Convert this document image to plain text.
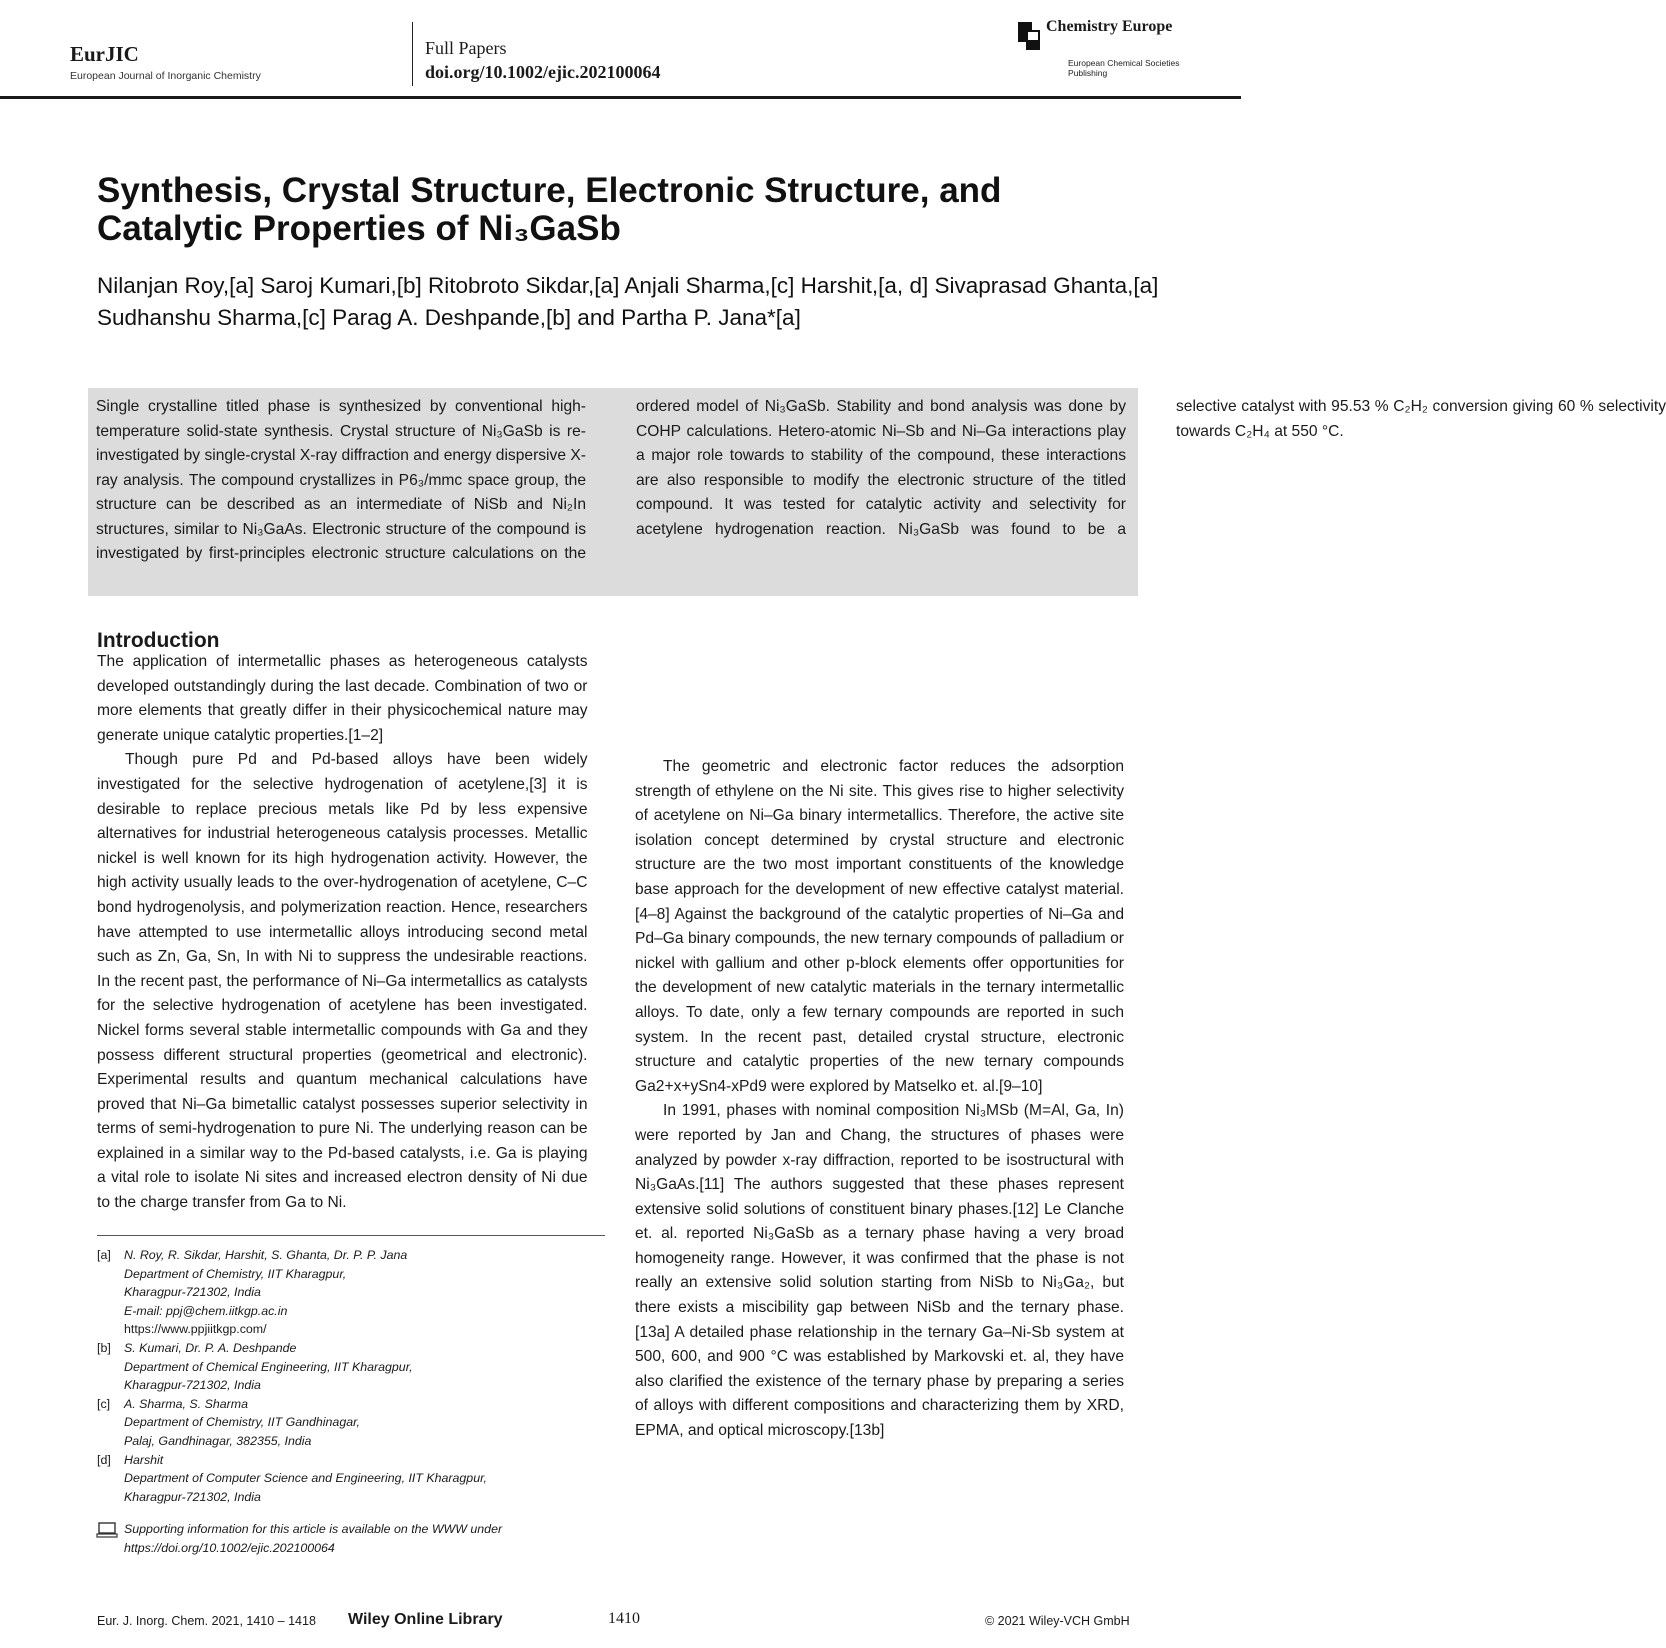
EurJIC
European Journal of Inorganic Chemistry
Full Papers
doi.org/10.1002/ejic.202100064
Chemistry Europe
European Chemical Societies Publishing
Synthesis, Crystal Structure, Electronic Structure, and Catalytic Properties of Ni₃GaSb
Nilanjan Roy,[a] Saroj Kumari,[b] Ritobroto Sikdar,[a] Anjali Sharma,[c] Harshit,[a, d] Sivaprasad Ghanta,[a] Sudhanshu Sharma,[c] Parag A. Deshpande,[b] and Partha P. Jana*[a]
Single crystalline titled phase is synthesized by conventional high-temperature solid-state synthesis. Crystal structure of Ni₃GaSb is re-investigated by single-crystal X-ray diffraction and energy dispersive X-ray analysis. The compound crystallizes in P6₃/mmc space group, the structure can be described as an intermediate of NiSb and Ni₂In structures, similar to Ni₃GaAs. Electronic structure of the compound is investigated by first-principles electronic structure calculations on the ordered model of Ni₃GaSb. Stability and bond analysis was done by COHP calculations. Hetero-atomic Ni–Sb and Ni–Ga interactions play a major role towards to stability of the compound, these interactions are also responsible to modify the electronic structure of the titled compound. It was tested for catalytic activity and selectivity for acetylene hydrogenation reaction. Ni₃GaSb was found to be a selective catalyst with 95.53 % C₂H₂ conversion giving 60 % selectivity towards C₂H₄ at 550 °C.
Introduction

The application of intermetallic phases as heterogeneous catalysts developed outstandingly during the last decade. Combination of two or more elements that greatly differ in their physicochemical nature may generate unique catalytic properties.[1–2]

Though pure Pd and Pd-based alloys have been widely investigated for the selective hydrogenation of acetylene,[3] it is desirable to replace precious metals like Pd by less expensive alternatives for industrial heterogeneous catalysis processes. Metallic nickel is well known for its high hydrogenation activity. However, the high activity usually leads to the over-hydrogenation of acetylene, C–C bond hydrogenolysis, and polymerization reaction. Hence, researchers have attempted to use intermetallic alloys introducing second metal such as Zn, Ga, Sn, In with Ni to suppress the undesirable reactions. In the recent past, the performance of Ni–Ga intermetallics as catalysts for the selective hydrogenation of acetylene has been investigated. Nickel forms several stable intermetallic compounds with Ga and they possess different structural properties (geometrical and electronic). Experimental results and quantum mechanical calculations have proved that Ni–Ga bimetallic catalyst possesses superior selectivity in terms of semi-hydrogenation to pure Ni. The underlying reason can be explained in a similar way to the Pd-based catalysts, i.e. Ga is playing a vital role to isolate Ni sites and increased electron density of Ni due to the charge transfer from Ga to Ni.

The geometric and electronic factor reduces the adsorption strength of ethylene on the Ni site. This gives rise to higher selectivity of acetylene on Ni–Ga binary intermetallics. Therefore, the active site isolation concept determined by crystal structure and electronic structure are the two most important constituents of the knowledge base approach for the development of new effective catalyst material.[4–8] Against the background of the catalytic properties of Ni–Ga and Pd–Ga binary compounds, the new ternary compounds of palladium or nickel with gallium and other p-block elements offer opportunities for the development of new catalytic materials in the ternary intermetallic alloys. To date, only a few ternary compounds are reported in such system. In the recent past, detailed crystal structure, electronic structure and catalytic properties of the new ternary compounds Ga2+x+ySn4-xPd9 were explored by Matselko et. al.[9–10]

In 1991, phases with nominal composition Ni₃MSb (M=Al, Ga, In) were reported by Jan and Chang, the structures of phases were analyzed by powder x-ray diffraction, reported to be isostructural with Ni₃GaAs.[11] The authors suggested that these phases represent extensive solid solutions of constituent binary phases.[12] Le Clanche et. al. reported Ni₃GaSb as a ternary phase having a very broad homogeneity range. However, it was confirmed that the phase is not really an extensive solid solution starting from NiSb to Ni₃Ga₂, but there exists a miscibility gap between NiSb and the ternary phase.[13a] A detailed phase relationship in the ternary Ga–Ni-Sb system at 500, 600, and 900 °C was established by Markovski et. al, they have also clarified the existence of the ternary phase by preparing a series of alloys with different compositions and characterizing them by XRD, EPMA, and optical microscopy.[13b]

[a] N. Roy, R. Sikdar, Harshit, S. Ghanta, Dr. P. P. Jana
Department of Chemistry, IIT Kharagpur,
Kharagpur-721302, India
E-mail: ppj@chem.iitkgp.ac.in
https://www.ppjiitkgp.com/
[b] S. Kumari, Dr. P. A. Deshpande
Department of Chemical Engineering, IIT Kharagpur,
Kharagpur-721302, India
[c] A. Sharma, S. Sharma
Department of Chemistry, IIT Gandhinagar,
Palaj, Gandhinagar, 382355, India
[d] Harshit
Department of Computer Science and Engineering, IIT Kharagpur,
Kharagpur-721302, India
Supporting information for this article is available on the WWW under https://doi.org/10.1002/ejic.202100064
Eur. J. Inorg. Chem. 2021, 1410 – 1418 Wiley Online Library	1410	© 2021 Wiley-VCH GmbH
